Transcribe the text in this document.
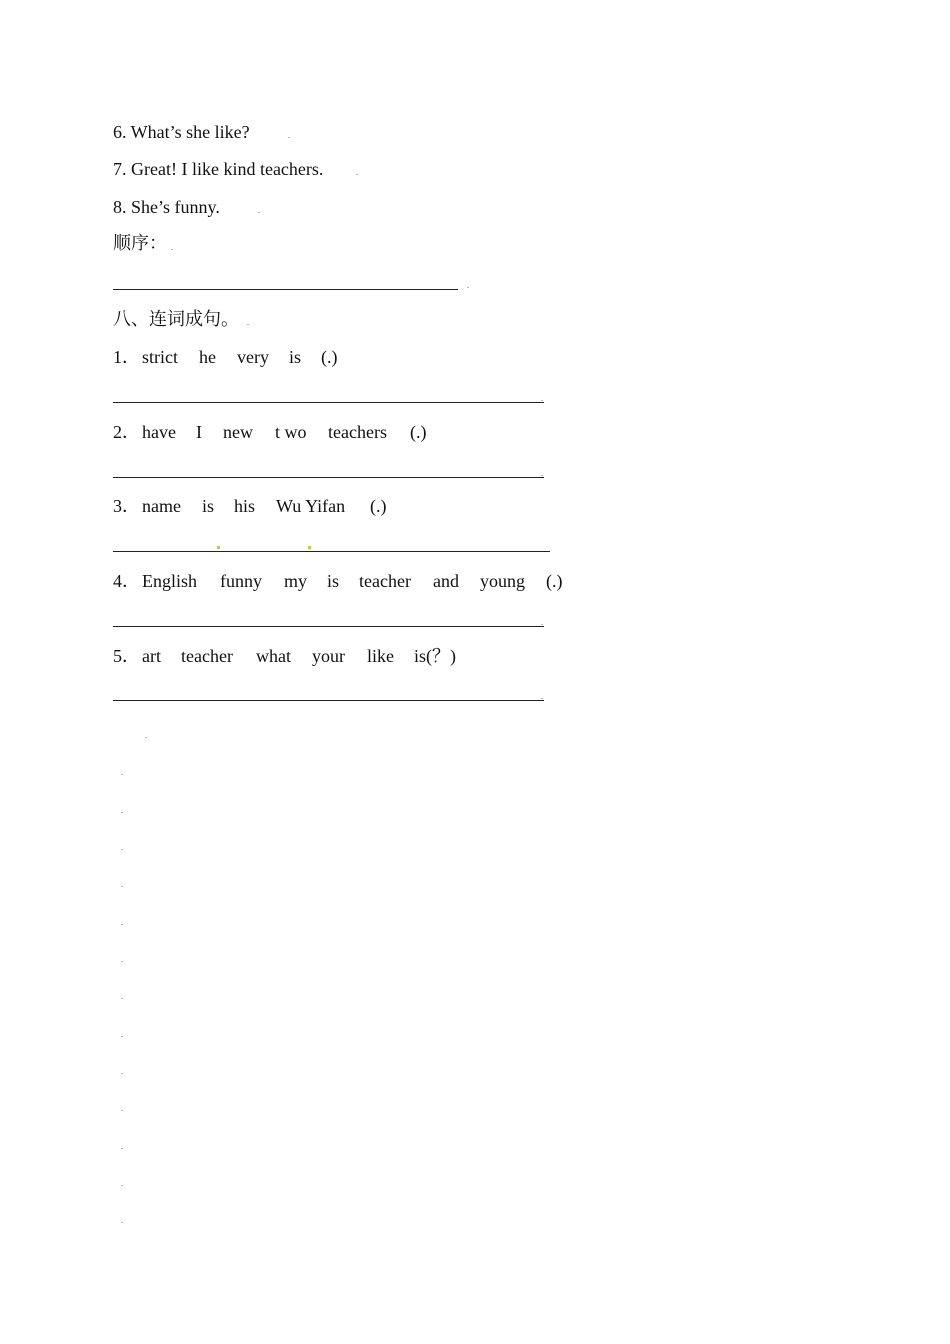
6. What’s she like?
7. Great! I like kind teachers.
8. She’s funny.
顺序：
八、连词成句。
1． strict he very is (.)
2． have I new t wo teachers (.)
3． name is his Wu Yifan (.)
4． English funny my is teacher and young (.)
5． art teacher what your like is(？)
